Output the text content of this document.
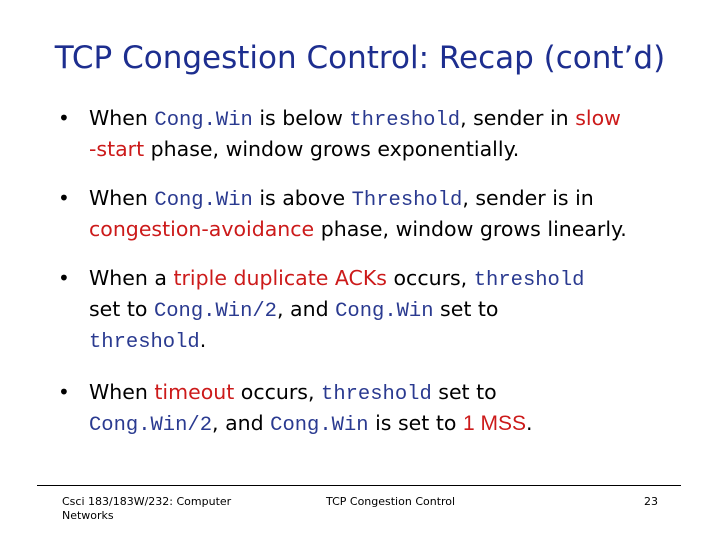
TCP Congestion Control: Recap (cont’d)
• When Cong.Win is below threshold, sender in slow
-start phase, window grows exponentially.
• When Cong.Win is above Threshold, sender is in
congestion-avoidance phase, window grows linearly.
• When a triple duplicate ACKs occurs, threshold
set to Cong.Win/2, and Cong.Win set to
threshold.
• When timeout occurs, threshold set to
Cong.Win/2, and Cong.Win is set to 1 MSS.
Csci 183/183W/232: Computer
Networks
TCP Congestion Control	23
